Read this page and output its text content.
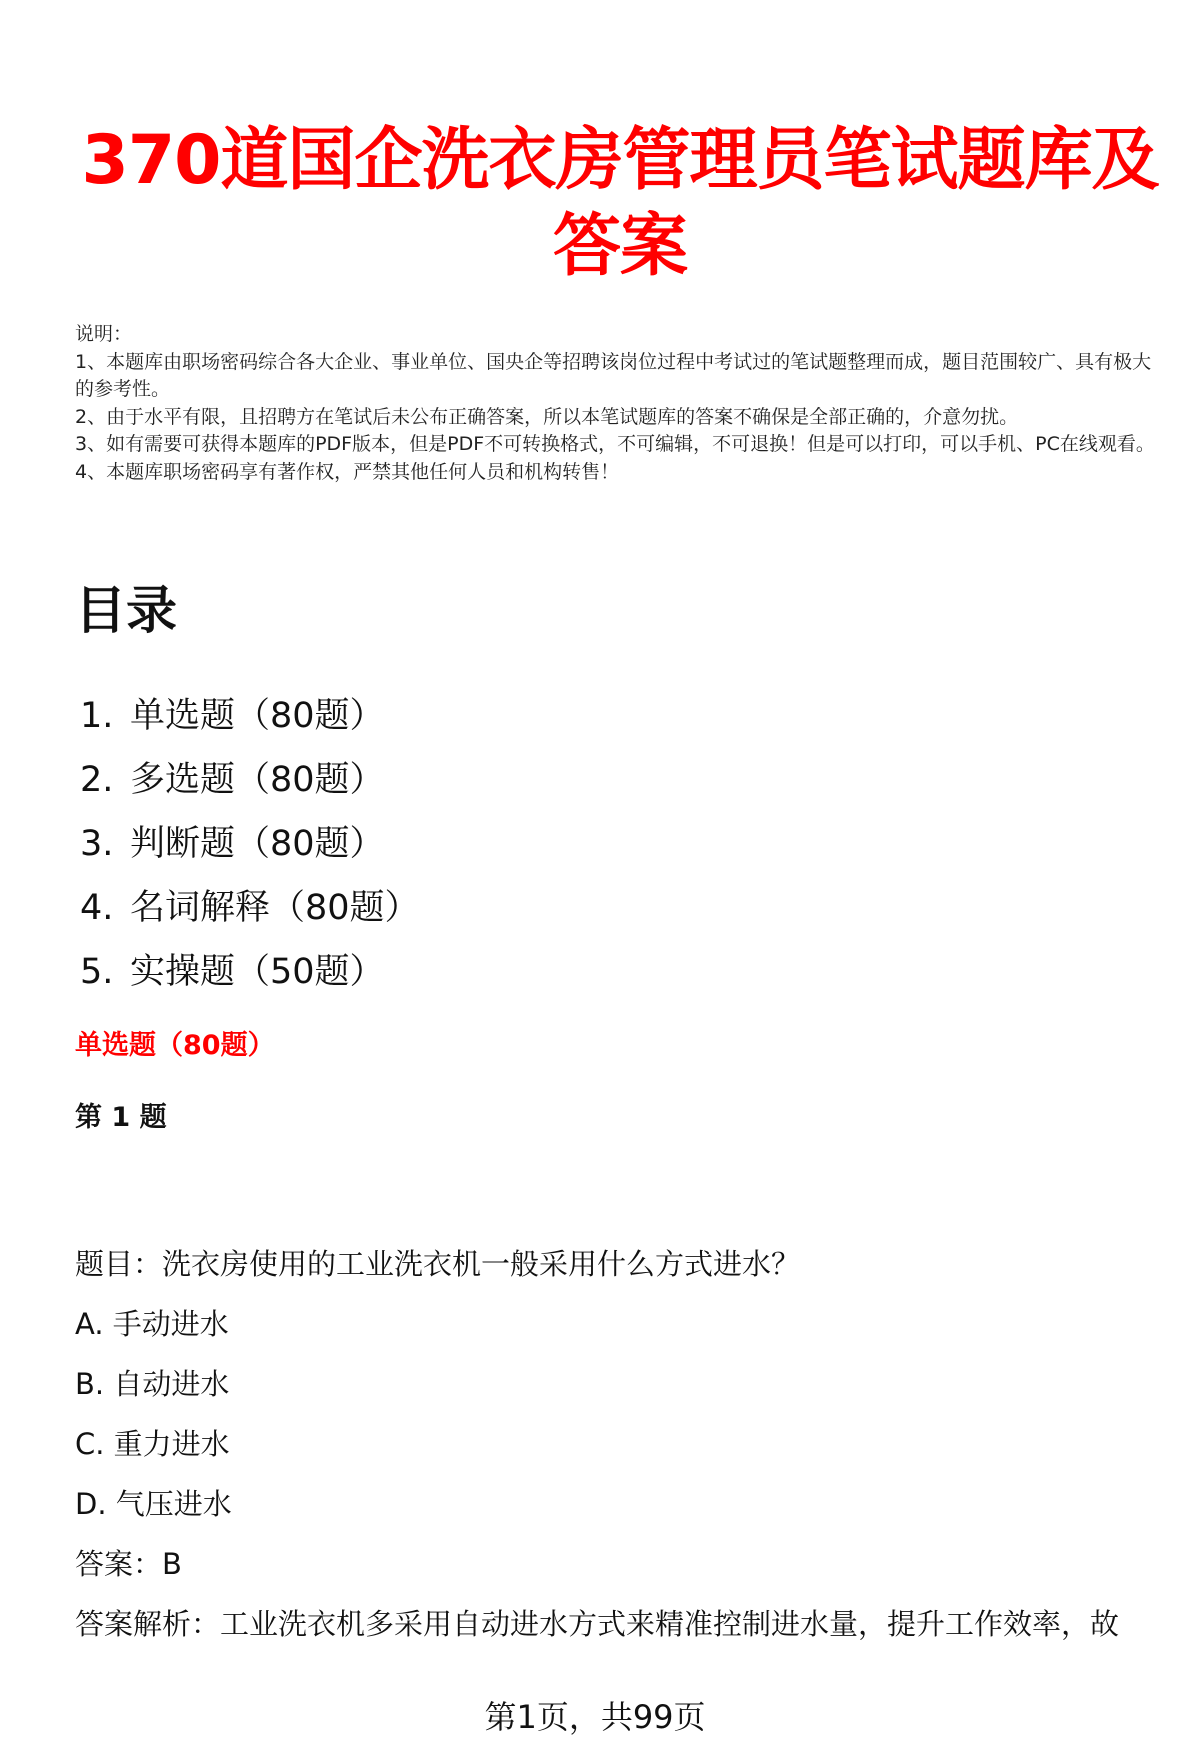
370道国企洗衣房管理员笔试题库及答案

说明：

1、本题库由职场密码综合各大企业、事业单位、国央企等招聘该岗位过程中考试过的笔试题整理而成，题目范围较广、具有极大的参考性。

2、由于水平有限，且招聘方在笔试后未公布正确答案，所以本笔试题库的答案不确保是全部正确的，介意勿扰。

3、如有需要可获得本题库的PDF版本，但是PDF不可转换格式，不可编辑，不可退换！但是可以打印，可以手机、PC在线观看。

4、本题库职场密码享有著作权，严禁其他任何人员和机构转售！

目录
1. 单选题（80题）
2. 多选题（80题）
3. 判断题（80题）
4. 名词解释（80题）
5. 实操题（50题）
单选题（80题）
第 1 题
题目：洗衣房使用的工业洗衣机一般采用什么方式进水？
A. 手动进水
B. 自动进水
C. 重力进水
D. 气压进水
答案：B
答案解析：工业洗衣机多采用自动进水方式来精准控制进水量，提升工作效率，故
第1页，共99页
